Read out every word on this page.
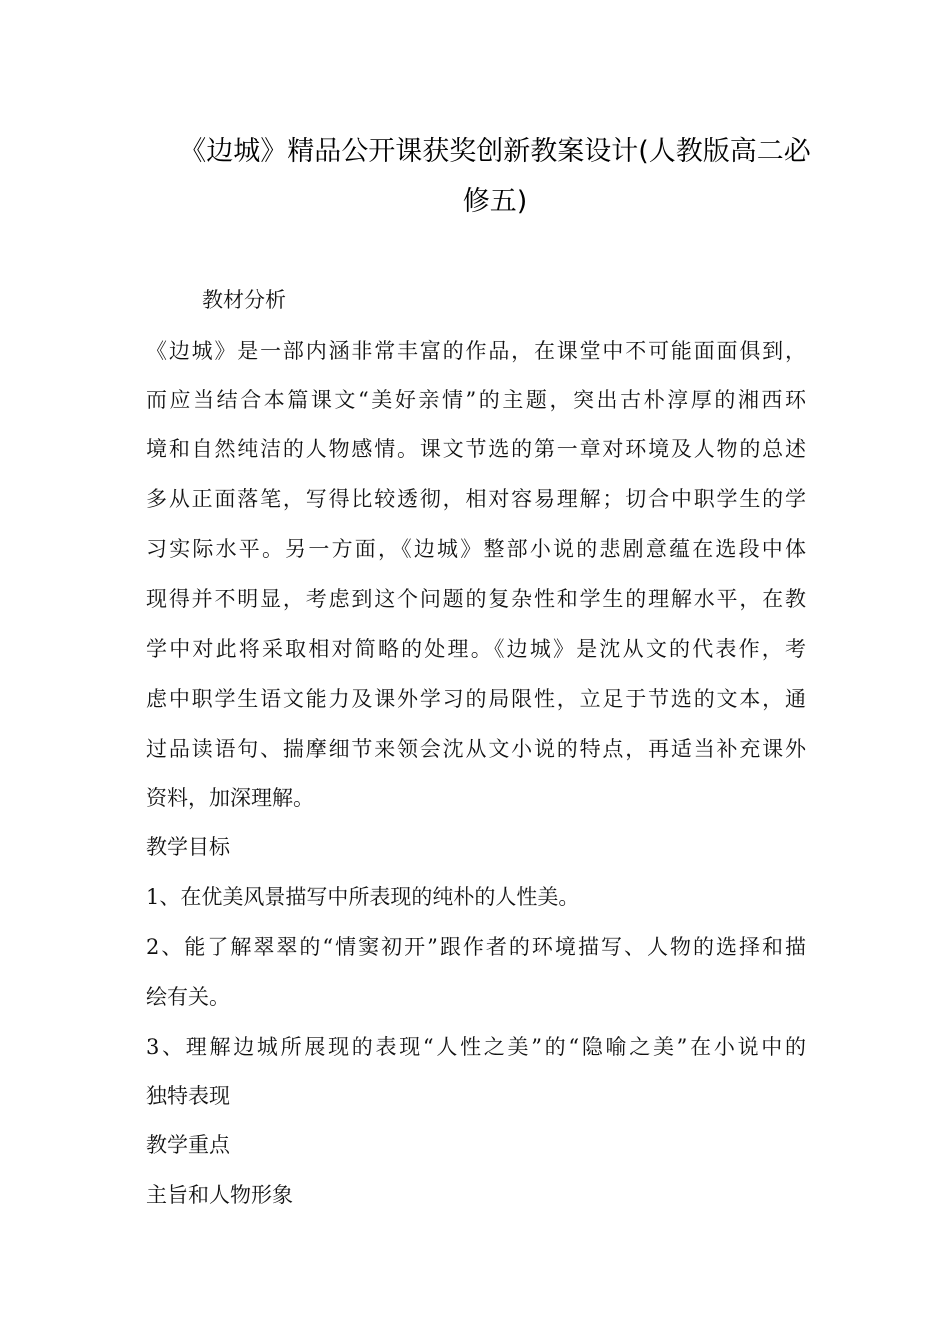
《边城》精品公开课获奖创新教案设计(人教版高二必
修五)
教材分析
《边城》是一部内涵非常丰富的作品，在课堂中不可能面面俱到，
而应当结合本篇课文“美好亲情”的主题，突出古朴淳厚的湘西环
境和自然纯洁的人物感情。课文节选的第一章对环境及人物的总述
多从正面落笔，写得比较透彻，相对容易理解；切合中职学生的学
习实际水平。另一方面，《边城》整部小说的悲剧意蕴在选段中体
现得并不明显，考虑到这个问题的复杂性和学生的理解水平，在教
学中对此将采取相对简略的处理。《边城》是沈从文的代表作，考
虑中职学生语文能力及课外学习的局限性，立足于节选的文本，通
过品读语句、揣摩细节来领会沈从文小说的特点，再适当补充课外
资料，加深理解。
教学目标
1、在优美风景描写中所表现的纯朴的人性美。
2、能了解翠翠的“情窦初开”跟作者的环境描写、人物的选择和描
绘有关。
3、理解边城所展现的表现“人性之美”的“隐喻之美”在小说中的
独特表现
教学重点
主旨和人物形象
